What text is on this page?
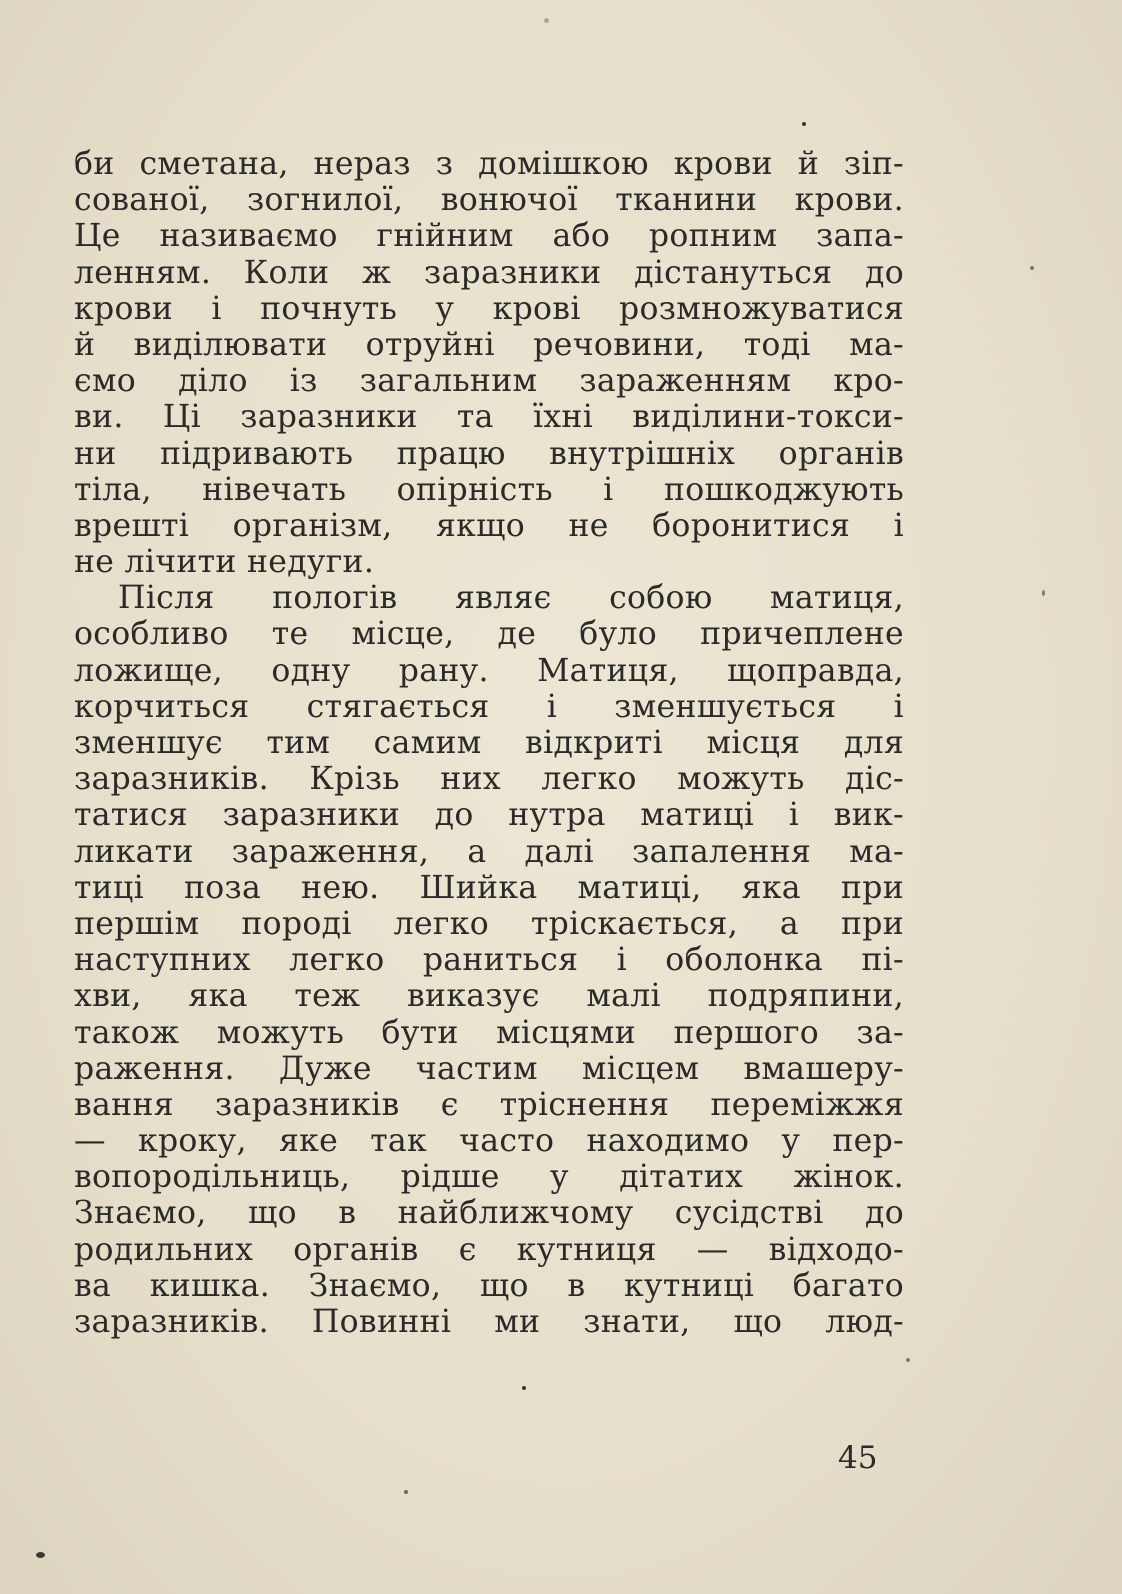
би сметана, нераз з домішкою крови й зіп-
сованої, зогнилої, вонючої тканини крови.
Це називаємо гнійним або ропним запа-
ленням. Коли ж заразники дістануться до
крови і почнуть у крові розмножуватися
й виділювати отруйні речовини, тоді ма-
ємо діло із загальним зараженням кро-
ви. Ці заразники та їхні виділини-токси-
ни підривають працю внутрішніх органів
тіла, нівечать опірність і пошкоджують
врешті організм, якщо не боронитися і
не лічити недуги.
Після пологів являє собою матиця,
особливо те місце, де було причеплене
ложище, одну рану. Матиця, щоправда,
корчиться стягається і зменшується і
зменшує тим самим відкриті місця для
заразників. Крізь них легко можуть діс-
татися заразники до нутра матиці і вик-
ликати зараження, а далі запалення ма-
тиці поза нею. Шийка матиці, яка при
першім породі легко тріскається, а при
наступних легко раниться і оболонка пі-
хви, яка теж виказує малі подряпини,
також можуть бути місцями першого за-
раження. Дуже частим місцем вмашеру-
вання заразників є тріснення переміжжя
— кроку, яке так часто находимо у пер-
вопородільниць, рідше у дітатих жінок.
Знаємо, що в найближчому сусідстві до
родильних органів є кутниця — відходо-
ва кишка. Знаємо, що в кутниці багато
заразників. Повинні ми знати, що люд-
45
